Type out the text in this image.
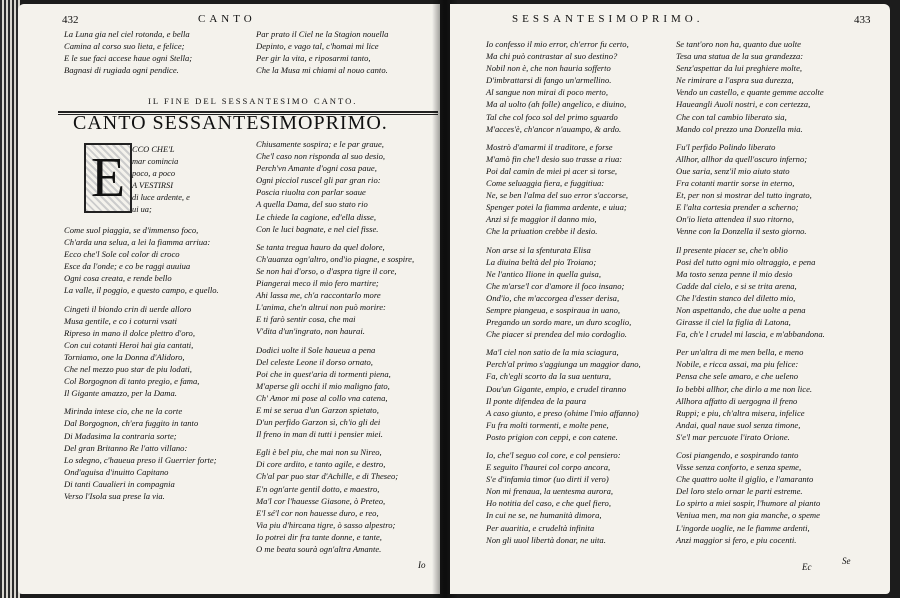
432	CANTO
La Luna gia nel ciel rotonda, e bella
Camina al corso suo lieta, e felice;
E le sue faci accese haue ogni Stella;
Bagnasi di rugiada ogni pendice.
Par prato il Ciel ne la Stagion nouella
Depinto, e vago tal, c'homai mi lice
Per gir la vita, e riposarmi tanto,
Che la Musa mi chiami al nouo canto.
IL FINE DEL SESSANTESIMO CANTO.
CANTO SESSANTESIMOPRIMO.
E CCO CHE'L
mar comincia
poco, a poco
A VESTIRSI
di luce ardente, e
ui ua;
Come suol piaggia, se d'immenso foco,
Ch'arda una selua, a lei la fiamma arriua:
Ecco che'l Sole col color di croco
Esce da l'onde; e co be raggi auuiua
Ogni cosa creata, e rende bello
La valle, il poggio, e questo campo, e quello.
Cingeti il biondo crin di uerde alloro
Musa gentile, e co i coturni vsati
Ripreso in mano il dolce plettro d'oro,
Con cui cotanti Heroi hai gia cantati,
Torniamo, one la Donna d'Alidoro,
Che nel mezzo puo star de piu lodati,
Col Borgognon di tanto pregio, e fama,
Il Gigante amazzo, per la Dama.
Mirinda intese cio, che ne la corte
Dal Borgognon, ch'era fuggito in tanto
Di Madasima la contraria sorte;
Del gran Britanno Re l'atto villano:
Lo sdegno, c'haueua preso il Guerrier forte;
Ond'aguisa d'inuitto Capitano
Di tanti Caualieri in compagnia
Verso l'Isola sua prese la via.
Chiusamente sospira; e le par graue,
Che'l caso non risponda al suo desio,
Perch'vn Amante d'ogni cosa paue,
Ogni picciol ruscel gli par gran rio:
Poscia riuolta con parlar soaue
A quella Dama, del suo stato rio
Le chiede la cagione, ed'ella disse,
Con le luci bagnate, e nel ciel fisse.
Se tanta tregua hauro da quel dolore,
Ch'auanza ogn'altro, ond'io piagne, e sospire,
Se non hai d'orso, o d'aspra tigre il core,
Piangerai meco il mio fero martire;
Ahi lassa me, ch'a raccontarlo more
L'anima, che'n altrui non può morire:
E ti farò sentir cosa, che mai
V'dita d'un'ingrato, non haurai.
Dodici uolte il Sole haueua a pena
Del celeste Leone il dorso ornato,
Poi che in quest'aria di tormenti piena,
M'aperse gli occhi il mio maligno fato,
Ch' Amor mi pose al collo vna catena,
E mi se serua d'un Garzon spietato,
D'un perfido Garzon sì, ch'io gli dei
Il freno in man di tutti i pensier miei.
Egli è bel piu, che mai non su Nireo,
Di core ardito, e tanto agile, e destro,
Ch'al par puo star d'Achille, e di Theseo;
E'n ogn'arte gentil dotto, e maestro,
Ma'l cor l'hauesse Giasone, ò Preteo,
E'l sé'l cor non hauesse duro, e reo,
Via piu d'hircana tigre, ò sasso alpestro;
Io potrei dir fra tante donne, e tante,
O me beata sourà ogn'altra Amante.
Io
SESSANTESIMOPRIMO.	433
Io confesso il mio error, ch'error fu certo,
Ma chi può contrastar al suo destino?
Nobil non è, che non hauria sofferto
D'imbrattarsi di fango un'armellino.
Al sangue non mirai di poco merto,
Ma al uolto (ah folle) angelico, e diuino,
Tal che col foco sol del primo sguardo
M'acces'è, ch'ancor n'auampo, & ardo.
Mostrò d'amarmi il traditore, e forse
M'amò fin che'l desio suo trasse a riua:
Poi dal camin de miei pi acer si torse,
Come seluaggia fiera, e fuggitiua:
Ne, se ben l'alma del suo error s'accorse,
Spenger potei la fiamma ardente, e uiua;
Anzi si fe maggior il danno mio,
Che la priuation crebbe il desio.
Non arse si la sfenturata Elisa
La diuina beltà del pio Troiano;
Ne l'antico Ilione in quella guisa,
Che m'arse'l cor d'amore il foco insano;
Ond'io, che m'accorgea d'esser derisa,
Sempre piangeua, e sospiraua in uano,
Pregando un sordo mare, un duro scoglio,
Che piacer si prendea del mio cordoglio.
Ma'l ciel non satio de la mia sciagura,
Perch'al primo s'aggiunga un maggior dano,
Fa, ch'egli scorto da la sua uentura,
Dou'un Gigante, empio, e crudel tiranno
Il ponte difendea de la paura
A caso giunto, e preso (ohime l'mio affanno)
Fu fra molti tormenti, e molte pene,
Posto prigion con ceppi, e con catene.
Io, che'l seguo col core, e col pensiero:
E seguito l'haurei col corpo ancora,
S'e d'infamia timor (uo dirti il vero)
Non mi frenaua, la uentesma aurora,
Ho notitia del caso, e che quel fiero,
In cui ne se, ne humanità dimora,
Per auaritia, e crudeltà infinita
Non gli uuol libertà donar, ne uita.
Se tant'oro non ha, quanto due uolte
Tesa una statua de la sua grandezza:
Senz'aspettar da lui preghiere molte,
Ne rimirare a l'aspra sua durezza,
Vendo un castello, e quante gemme accolte
Haueangli Auoli nostri, e con certezza,
Che con tal cambio liberato sia,
Mando col prezzo una Donzella mia.
Fu'l perfido Polindo liberato
Allhor, allhor da quell'oscuro inferno;
Oue saria, senz'il mio aiuto stato
Fra cotanti martir sorse in eterno,
Et, per non si mostrar del tutto ingrato,
E l'alta cortesia prender a scherno;
On'io lieta attendea il suo ritorno,
Venne con la Donzella il sesto giorno.
Il presente piacer se, che'n oblio
Posi del tutto ogni mio oltraggio, e pena
Ma tosto senza penne il mio desio
Cadde dal cielo, e si se trita arena,
Che l'destin stanco del diletto mio,
Non aspettando, che due uolte a pena
Girasse il ciel la figlia di Latona,
Fa, ch'e l crudel mi lascia, e m'abbandona.
Per un'altra di me men bella, e meno
Nobile, e ricca assai, ma piu felice:
Pensa che sele amaro, e che ueleno
Io bebbi allhor, che dirlo a me non lice.
Allhora affatto di uergogna il freno
Ruppi; e piu, ch'altra misera, infelice
Andai, qual naue suol senza timone,
S'e'l mar percuote l'irato Orione.
Cosi piangendo, e sospirando tanto
Visse senza conforto, e senza speme,
Che quattro uolte il giglio, e l'amaranto
Del loro stelo ornar le parti estreme.
Lo spirto a miei sospir, l'humore al pianto
Veniua men, ma non gia manche, o speme
L'ingorde uoglie, ne le fiamme ardenti,
Anzi maggior si fero, e piu cocenti.
Ec
Se
